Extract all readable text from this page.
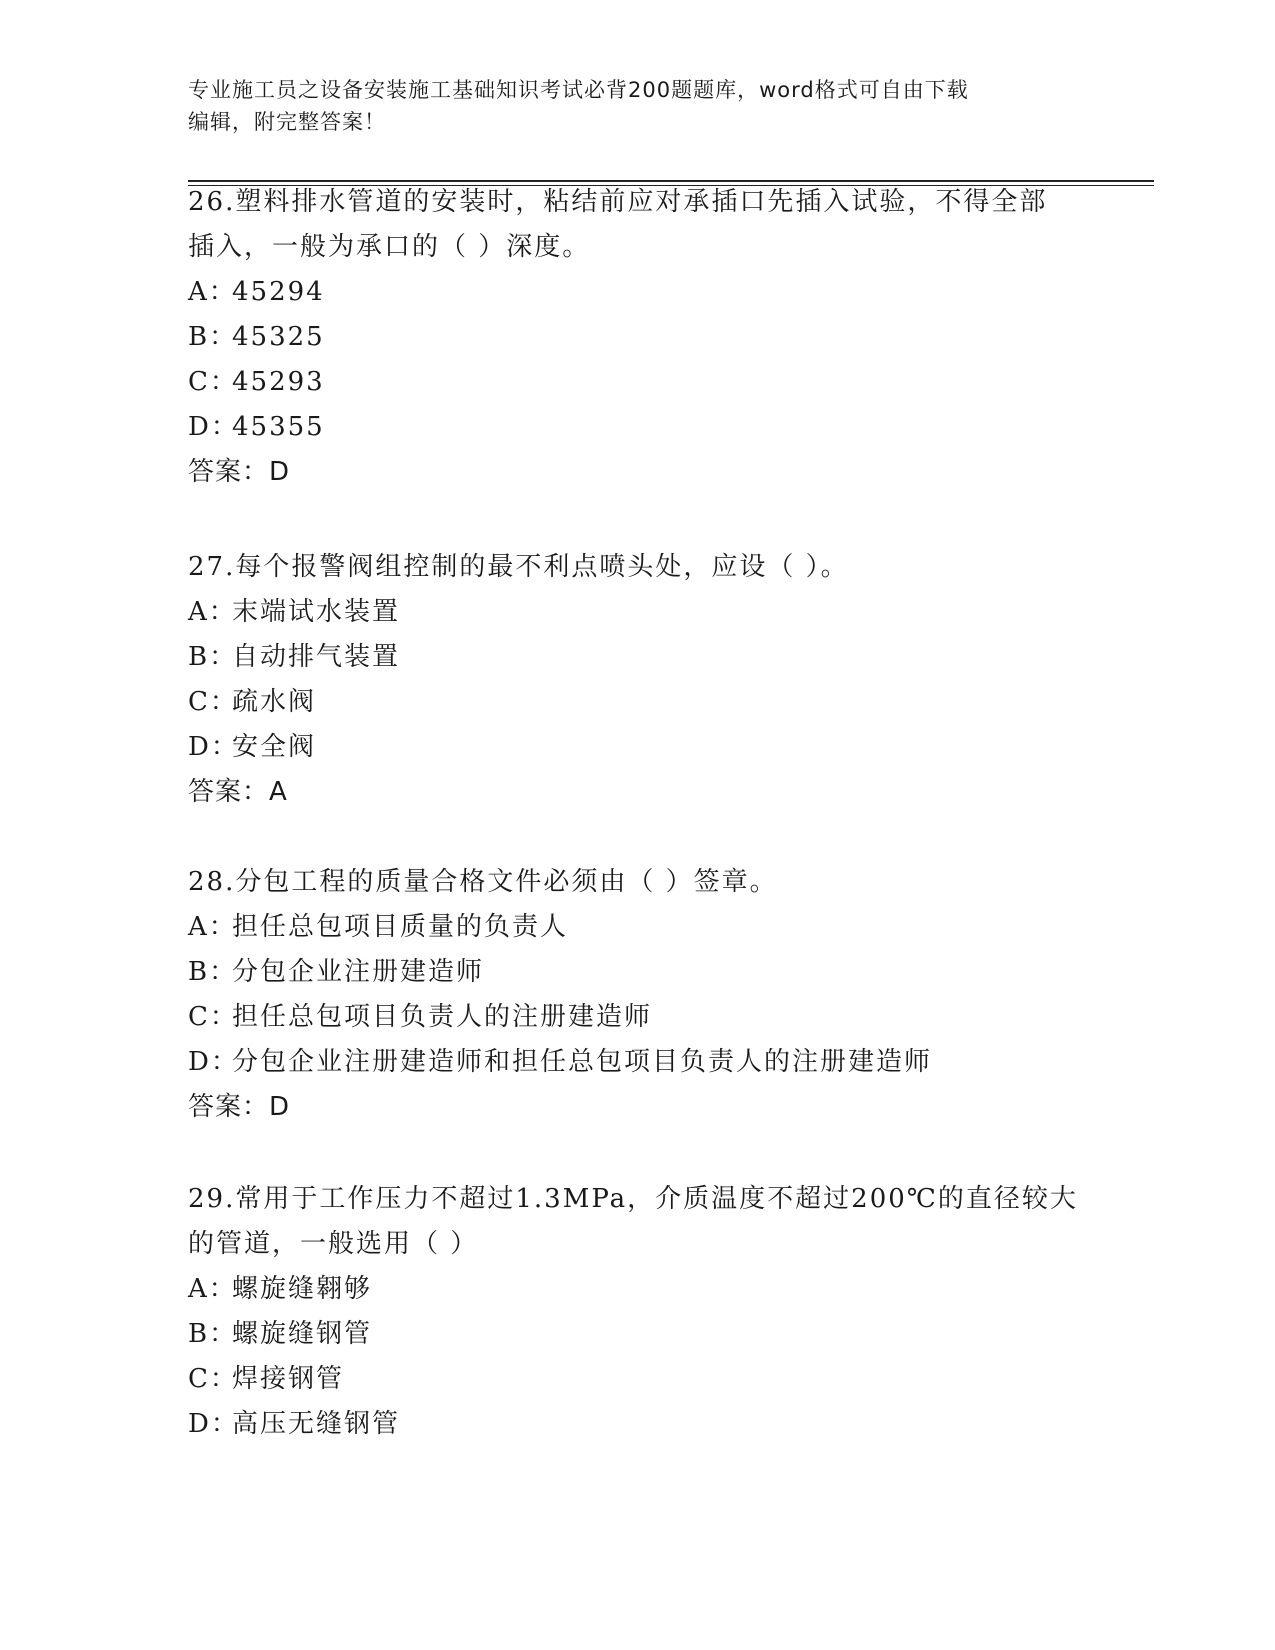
专业施工员之设备安装施工基础知识考试必背200题题库，word格式可自由下载
编辑，附完整答案！
26.塑料排水管道的安装时，粘结前应对承插口先插入试验，不得全部
插入，一般为承口的（ ）深度。
A：45294
B：45325
C：45293
D：45355
答案：D
27.每个报警阀组控制的最不利点喷头处，应设（ ）。
A：末端试水装置
B：自动排气装置
C：疏水阀
D：安全阀
答案：A
28.分包工程的质量合格文件必须由（ ）签章。
A：担任总包项目质量的负责人
B：分包企业注册建造师
C：担任总包项目负责人的注册建造师
D：分包企业注册建造师和担任总包项目负责人的注册建造师
答案：D
29.常用于工作压力不超过1.3MPa，介质温度不超过200℃的直径较大
的管道，一般选用（ ）
A：螺旋缝翱够
B：螺旋缝钢管
C：焊接钢管
D：高压无缝钢管
